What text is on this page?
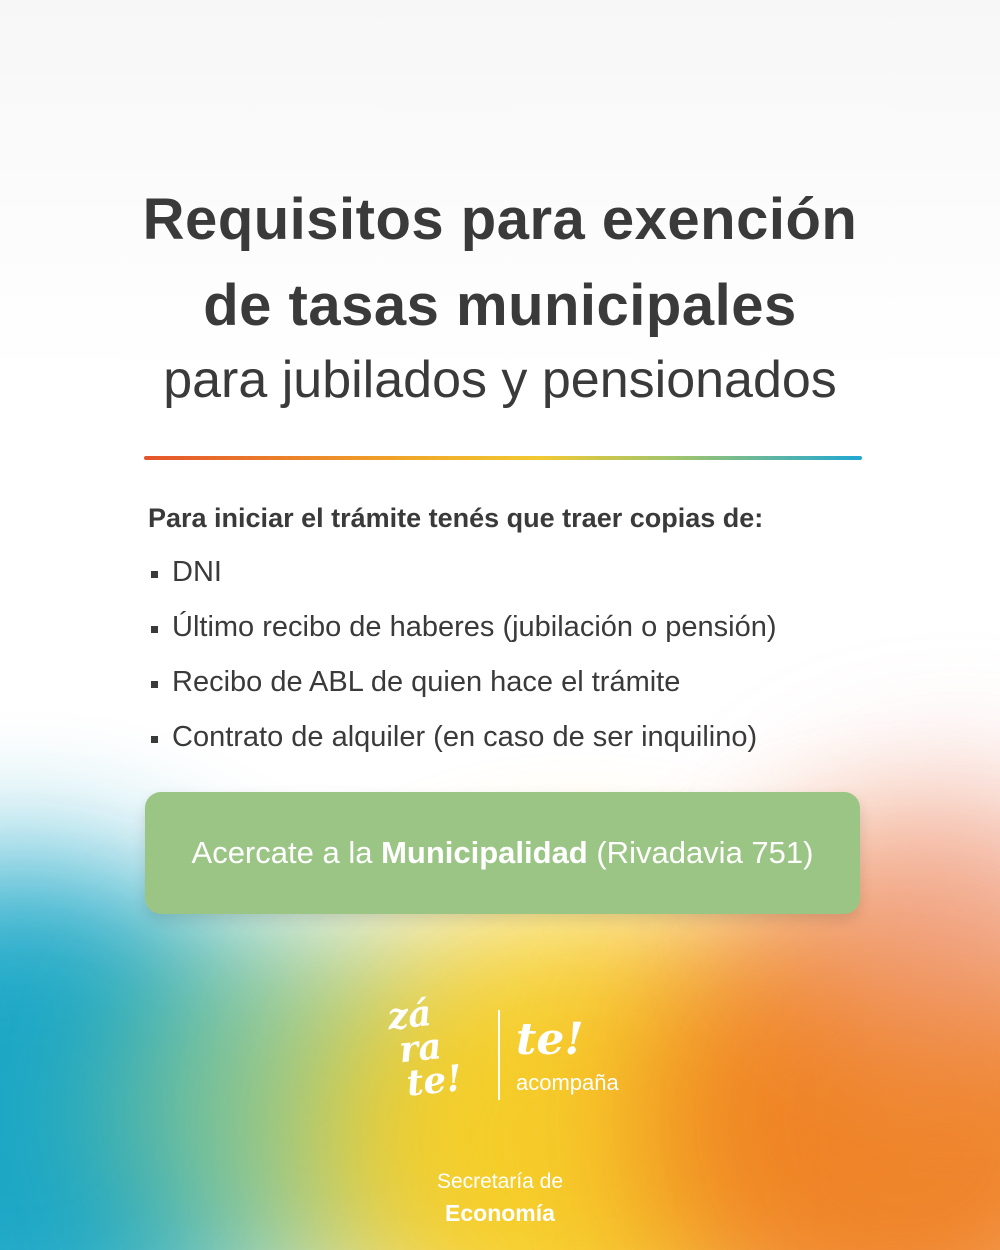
Requisitos para exención
de tasas municipales
para jubilados y pensionados

Para iniciar el trámite tenés que traer copias de:

DNI
Último recibo de haberes (jubilación o pensión)
Recibo de ABL de quien hace el trámite
Contrato de alquiler (en caso de ser inquilino)
Acercate a la Municipalidad (Rivadavia 751)
zá
ra
te!

te!

acompaña

Secretaría de

Economía
